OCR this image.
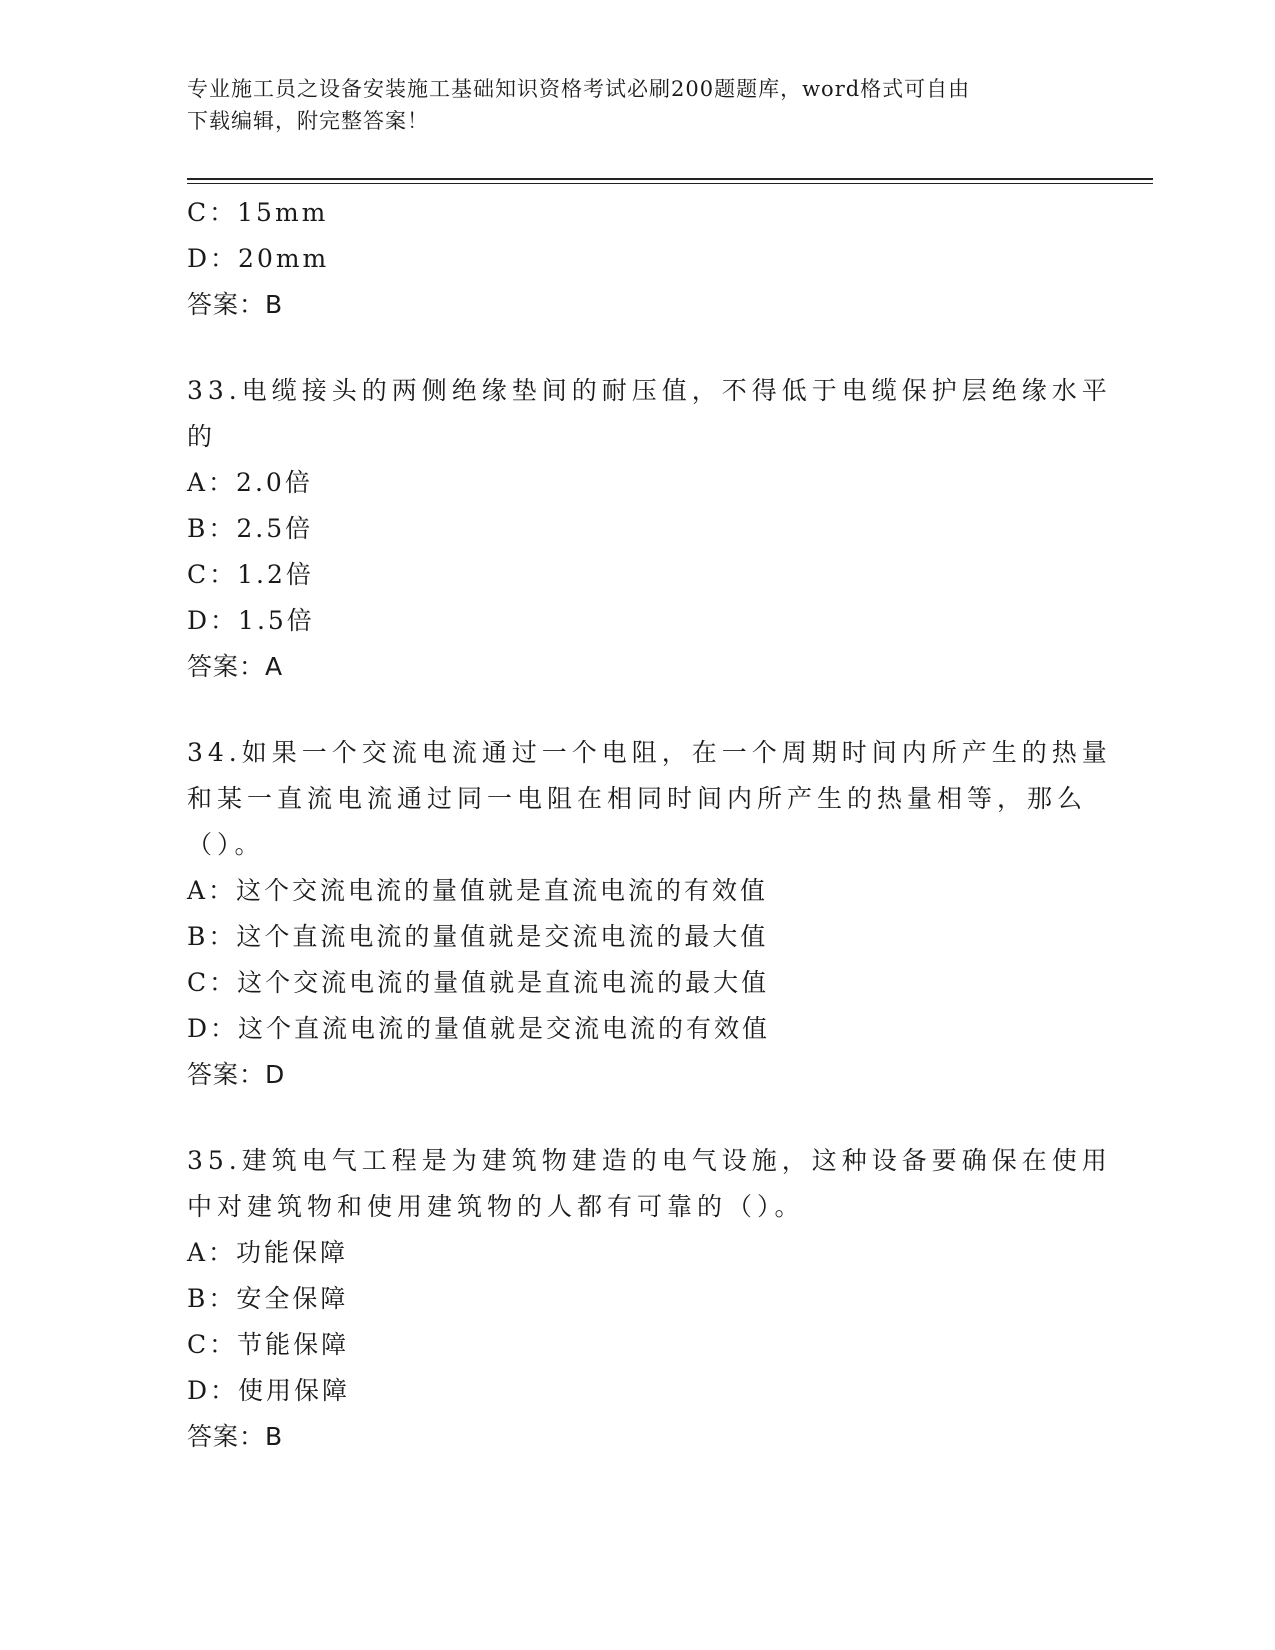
专业施工员之设备安装施工基础知识资格考试必刷200题题库，word格式可自由
下载编辑，附完整答案！
C：15mm
D：20mm
答案：B
33.电缆接头的两侧绝缘垫间的耐压值，不得低于电缆保护层绝缘水平
的
A：2.0倍
B：2.5倍
C：1.2倍
D：1.5倍
答案：A
34.如果一个交流电流通过一个电阻，在一个周期时间内所产生的热量
和某一直流电流通过同一电阻在相同时间内所产生的热量相等，那么
（）。
A：这个交流电流的量值就是直流电流的有效值
B：这个直流电流的量值就是交流电流的最大值
C：这个交流电流的量值就是直流电流的最大值
D：这个直流电流的量值就是交流电流的有效值
答案：D
35.建筑电气工程是为建筑物建造的电气设施，这种设备要确保在使用
中对建筑物和使用建筑物的人都有可靠的（）。
A：功能保障
B：安全保障
C：节能保障
D：使用保障
答案：B
